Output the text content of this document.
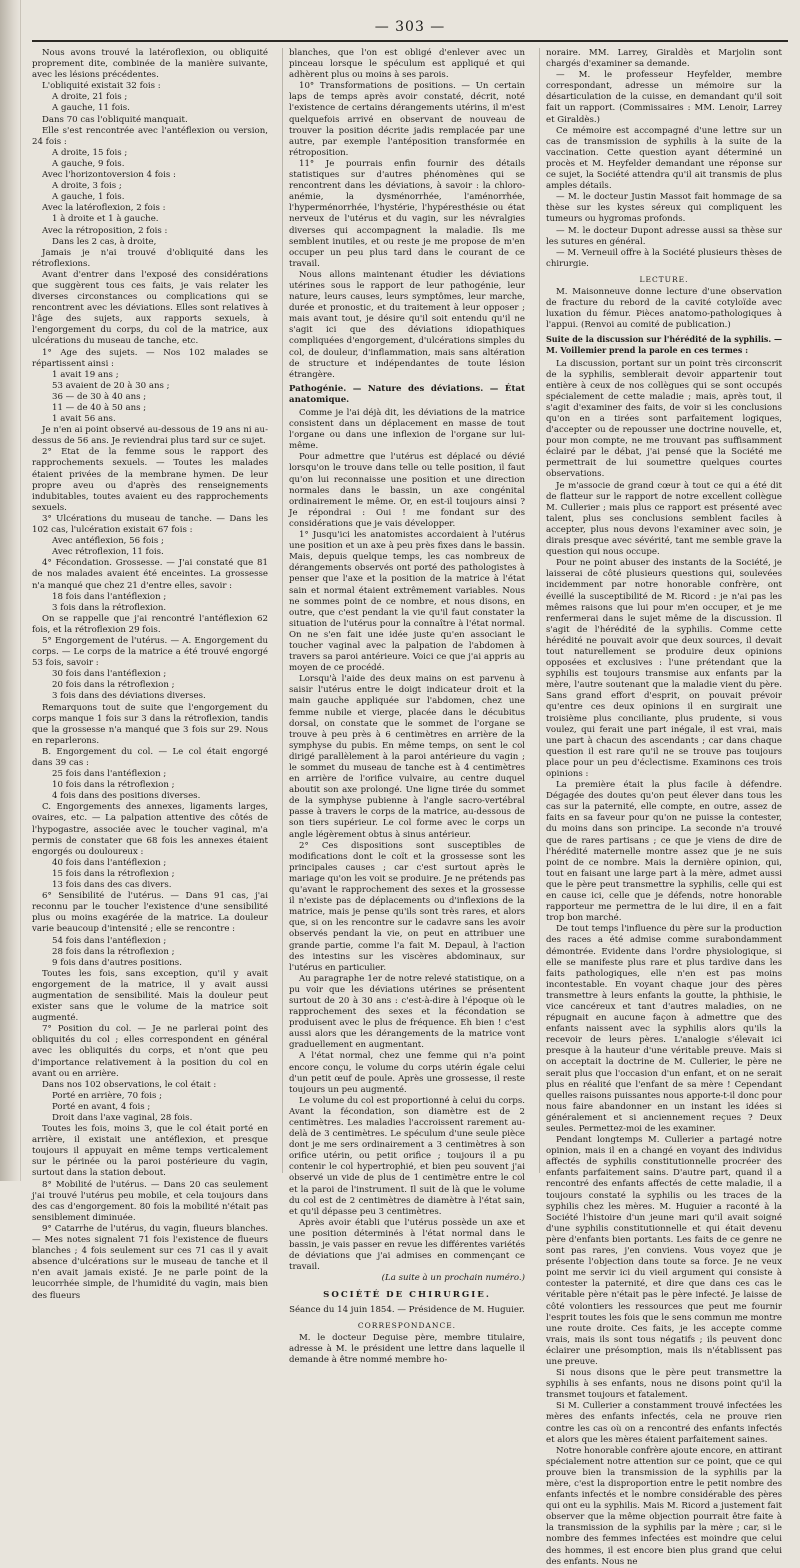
— 303 —

Nous avons trouvé la latéroflexion, ou obliquité proprement dite, combinée de la manière suivante, avec les lésions précédentes.

L'obliquité existait 32 fois :

A droite, 21 fois ;

A gauche, 11 fois.

Dans 70 cas l'obliquité manquait.

Elle s'est rencontrée avec l'antéflexion ou version, 24 fois :

A droite, 15 fois ;

A gauche, 9 fois.

Avec l'horizontoversion 4 fois :

A droite, 3 fois ;

A gauche, 1 fois.

Avec la latéroflexion, 2 fois :

1 à droite et 1 à gauche.

Avec la rétroposition, 2 fois :

Dans les 2 cas, à droite,

Jamais je n'ai trouvé d'obliquité dans les rétroflexions.

Avant d'entrer dans l'exposé des considérations que suggèrent tous ces faits, je vais relater les diverses circonstances ou complications qui se rencontrent avec les déviations. Elles sont relatives à l'âge des sujets, aux rapports sexuels, à l'engorgement du corps, du col de la matrice, aux ulcérations du museau de tanche, etc.

1° Age des sujets. — Nos 102 malades se répartissent ainsi :

1 avait 19 ans ;

53 avaient de 20 à 30 ans ;

36 — de 30 à 40 ans ;

11 — de 40 à 50 ans ;

1 avait 56 ans.

Je n'en ai point observé au-dessous de 19 ans ni au-dessus de 56 ans. Je reviendrai plus tard sur ce sujet.

2° Etat de la femme sous le rapport des rapprochements sexuels. — Toutes les malades étaient privées de la membrane hymen. De leur propre aveu ou d'après des renseignements indubitables, toutes avaient eu des rapprochements sexuels.

3° Ulcérations du museau de tanche. — Dans les 102 cas, l'ulcération existait 67 fois :

Avec antéflexion, 56 fois ;

Avec rétroflexion, 11 fois.

4° Fécondation. Grossesse. — J'ai constaté que 81 de nos malades avaient été enceintes. La grossesse n'a manqué que chez 21 d'entre elles, savoir :

18 fois dans l'antéflexion ;

3 fois dans la rétroflexion.

On se rappelle que j'ai rencontré l'antéflexion 62 fois, et la rétroflexion 29 fois.

5° Engorgement de l'utérus. — A. Engorgement du corps. — Le corps de la matrice a été trouvé engorgé 53 fois, savoir :

30 fois dans l'antéflexion ;

20 fois dans la rétroflexion ;

3 fois dans des déviations diverses.

Remarquons tout de suite que l'engorgement du corps manque 1 fois sur 3 dans la rétroflexion, tandis que la grossesse n'a manqué que 3 fois sur 29. Nous en reparlerons.

B. Engorgement du col. — Le col était engorgé dans 39 cas :

25 fois dans l'antéflexion ;

10 fois dans la rétroflexion ;

4 fois dans des positions diverses.

C. Engorgements des annexes, ligaments larges, ovaires, etc. — La palpation attentive des côtés de l'hypogastre, associée avec le toucher vaginal, m'a permis de constater que 68 fois les annexes étaient engorgés ou douloureux :

40 fois dans l'antéflexion ;

15 fois dans la rétroflexion ;

13 fois dans des cas divers.

6° Sensibilité de l'utérus. — Dans 91 cas, j'ai reconnu par le toucher l'existence d'une sensibilité plus ou moins exagérée de la matrice. La douleur varie beaucoup d'intensité ; elle se rencontre :

54 fois dans l'antéflexion ;

28 fois dans la rétroflexion ;

9 fois dans d'autres positions.

Toutes les fois, sans exception, qu'il y avait engorgement de la matrice, il y avait aussi augmentation de sensibilité. Mais la douleur peut exister sans que le volume de la matrice soit augmenté.

7° Position du col. — Je ne parlerai point des obliquités du col ; elles correspondent en général avec les obliquités du corps, et n'ont que peu d'importance relativement à la position du col en avant ou en arrière.

Dans nos 102 observations, le col était :

Porté en arrière, 70 fois ;

Porté en avant, 4 fois ;

Droit dans l'axe vaginal, 28 fois.

Toutes les fois, moins 3, que le col était porté en arrière, il existait une antéflexion, et presque toujours il appuyait en même temps verticalement sur le périnée ou la paroi postérieure du vagin, surtout dans la station debout.

8° Mobilité de l'utérus. — Dans 20 cas seulement j'ai trouvé l'utérus peu mobile, et cela toujours dans des cas d'engorgement. 80 fois la mobilité n'était pas sensiblement diminuée.

9° Catarrhe de l'utérus, du vagin, flueurs blanches. — Mes notes signalent 71 fois l'existence de flueurs blanches ; 4 fois seulement sur ces 71 cas il y avait absence d'ulcérations sur le museau de tanche et il n'en avait jamais existé. Je ne parle point de la leucorrhée simple, de l'humidité du vagin, mais bien des flueurs

blanches, que l'on est obligé d'enlever avec un pinceau lorsque le spéculum est appliqué et qui adhèrent plus ou moins à ses parois.

10° Transformations de positions. — Un certain laps de temps après avoir constaté, décrit, noté l'existence de certains dérangements utérins, il m'est quelquefois arrivé en observant de nouveau de trouver la position décrite jadis remplacée par une autre, par exemple l'antéposition transformée en rétroposition.

11° Je pourrais enfin fournir des détails statistiques sur d'autres phénomènes qui se rencontrent dans les déviations, à savoir : la chloro-anémie, la dysménorrhée, l'aménorrhée, l'hyperménorrhée, l'hystérie, l'hypéresthésie ou état nerveux de l'utérus et du vagin, sur les névralgies diverses qui accompagnent la maladie. Ils me semblent inutiles, et ou reste je me propose de m'en occuper un peu plus tard dans le courant de ce travail.

Nous allons maintenant étudier les déviations utérines sous le rapport de leur pathogénie, leur nature, leurs causes, leurs symptômes, leur marche, durée et pronostic, et du traitement à leur opposer ; mais avant tout, je désire qu'il soit entendu qu'il ne s'agit ici que des déviations idiopathiques compliquées d'engorgement, d'ulcérations simples du col, de douleur, d'inflammation, mais sans altération de structure et indépendantes de toute lésion étrangère.

Pathogénie. — Nature des déviations. — État anatomique.

Comme je l'ai déjà dit, les déviations de la matrice consistent dans un déplacement en masse de tout l'organe ou dans une inflexion de l'organe sur lui-même.

Pour admettre que l'utérus est déplacé ou dévié lorsqu'on le trouve dans telle ou telle position, il faut qu'on lui reconnaisse une position et une direction normales dans le bassin, un axe congénital ordinairement le même. Or, en est-il toujours ainsi ? Je répondrai : Oui ! me fondant sur des considérations que je vais développer.

1° Jusqu'ici les anatomistes accordaient à l'utérus une position et un axe à peu près fixes dans le bassin. Mais, depuis quelque temps, les cas nombreux de dérangements observés ont porté des pathologistes à penser que l'axe et la position de la matrice à l'état sain et normal étaient extrêmement variables. Nous ne sommes point de ce nombre, et nous disons, en outre, que c'est pendant la vie qu'il faut constater la situation de l'utérus pour la connaître à l'état normal. On ne s'en fait une idée juste qu'en associant le toucher vaginal avec la palpation de l'abdomen à travers sa paroi antérieure. Voici ce que j'ai appris au moyen de ce procédé.

Lorsqu'à l'aide des deux mains on est parvenu à saisir l'utérus entre le doigt indicateur droit et la main gauche appliquée sur l'abdomen, chez une femme nubile et vierge, placée dans le décubitus dorsal, on constate que le sommet de l'organe se trouve à peu près à 6 centimètres en arrière de la symphyse du pubis. En même temps, on sent le col dirigé parallèlement à la paroi antérieure du vagin ; le sommet du museau de tanche est à 4 centimètres en arrière de l'orifice vulvaire, au centre duquel aboutit son axe prolongé. Une ligne tirée du sommet de la symphyse pubienne à l'angle sacro-vertébral passe à travers le corps de la matrice, au-dessous de son tiers supérieur. Le col forme avec le corps un angle légèrement obtus à sinus antérieur.

2° Ces dispositions sont susceptibles de modifications dont le coït et la grossesse sont les principales causes ; car c'est surtout après le mariage qu'on les voit se produire. Je ne prétends pas qu'avant le rapprochement des sexes et la grossesse il n'existe pas de déplacements ou d'inflexions de la matrice, mais je pense qu'ils sont très rares, et alors que, si on les rencontre sur le cadavre sans les avoir observés pendant la vie, on peut en attribuer une grande partie, comme l'a fait M. Depaul, à l'action des intestins sur les viscères abdominaux, sur l'utérus en particulier.

Au paragraphe 1er de notre relevé statistique, on a pu voir que les déviations utérines se présentent surtout de 20 à 30 ans : c'est-à-dire à l'époque où le rapprochement des sexes et la fécondation se produisent avec le plus de fréquence. Eh bien ! c'est aussi alors que les dérangements de la matrice vont graduellement en augmentant.

A l'état normal, chez une femme qui n'a point encore conçu, le volume du corps utérin égale celui d'un petit œuf de poule. Après une grossesse, il reste toujours un peu augmenté.

Le volume du col est proportionné à celui du corps. Avant la fécondation, son diamètre est de 2 centimètres. Les maladies l'accroissent rarement au-delà de 3 centimètres. Le spéculum d'une seule pièce dont je me sers ordinairement a 3 centimètres à son orifice utérin, ou petit orifice ; toujours il a pu contenir le col hypertrophié, et bien peu souvent j'ai observé un vide de plus de 1 centimètre entre le col et la paroi de l'instrument. Il suit de là que le volume du col est de 2 centimètres de diamètre à l'état sain, et qu'il dépasse peu 3 centimètres.

Après avoir établi que l'utérus possède un axe et une position déterminés à l'état normal dans le bassin, je vais passer en revue les différentes variétés de déviations que j'ai admises en commençant ce travail.

(La suite à un prochain numéro.)

SOCIÉTÉ DE CHIRURGIE.

Séance du 14 juin 1854. — Présidence de M. Huguier.

CORRESPONDANCE.

M. le docteur Deguise père, membre titulaire, adresse à M. le président une lettre dans laquelle il demande à être nommé membre ho-

noraire. MM. Larrey, Giraldès et Marjolin sont chargés d'examiner sa demande.

— M. le professeur Heyfelder, membre correspondant, adresse un mémoire sur la désarticulation de la cuisse, en demandant qu'il soit fait un rapport. (Commissaires : MM. Lenoir, Larrey et Giraldès.)

Ce mémoire est accompagné d'une lettre sur un cas de transmission de syphilis à la suite de la vaccination. Cette question ayant déterminé un procès et M. Heyfelder demandant une réponse sur ce sujet, la Société attendra qu'il ait transmis de plus amples détails.

— M. le docteur Justin Massot fait hommage de sa thèse sur les kystes séreux qui compliquent les tumeurs ou hygromas profonds.

— M. le docteur Dupont adresse aussi sa thèse sur les sutures en général.

— M. Verneuil offre à la Société plusieurs thèses de chirurgie.

LECTURE.

M. Maisonneuve donne lecture d'une observation de fracture du rebord de la cavité cotyloïde avec luxation du fémur. Pièces anatomo-pathologiques à l'appui. (Renvoi au comité de publication.)

Suite de la discussion sur l'hérédité de la syphilis. — M. Voillemier prend la parole en ces termes :

La discussion, portant sur un point très circonscrit de la syphilis, semblerait devoir appartenir tout entière à ceux de nos collègues qui se sont occupés spécialement de cette maladie ; mais, après tout, il s'agit d'examiner des faits, de voir si les conclusions qu'on en a tirées sont parfaitement logiques, d'accepter ou de repousser une doctrine nouvelle, et, pour mon compte, ne me trouvant pas suffisamment éclairé par le débat, j'ai pensé que la Société me permettrait de lui soumettre quelques courtes observations.

Je m'associe de grand cœur à tout ce qui a été dit de flatteur sur le rapport de notre excellent collègue M. Cullerier ; mais plus ce rapport est présenté avec talent, plus ses conclusions semblent faciles à accepter, plus nous devons l'examiner avec soin, je dirais presque avec sévérité, tant me semble grave la question qui nous occupe.

Pour ne point abuser des instants de la Société, je laisserai de côté plusieurs questions qui, soulevées incidemment par notre honorable confrère, ont éveillé la susceptibilité de M. Ricord : je n'ai pas les mêmes raisons que lui pour m'en occuper, et je me renfermerai dans le sujet même de la discussion. Il s'agit de l'hérédité de la syphilis. Comme cette hérédité ne pouvait avoir que deux sources, il devait tout naturellement se produire deux opinions opposées et exclusives : l'une prétendant que la syphilis est toujours transmise aux enfants par la mère, l'autre soutenant que la maladie vient du père. Sans grand effort d'esprit, on pouvait prévoir qu'entre ces deux opinions il en surgirait une troisième plus conciliante, plus prudente, si vous voulez, qui ferait une part inégale, il est vrai, mais une part à chacun des ascendants ; car dans chaque question il est rare qu'il ne se trouve pas toujours place pour un peu d'éclectisme. Examinons ces trois opinions :

La première était la plus facile à défendre. Dégagée des doutes qu'on peut élever dans tous les cas sur la paternité, elle compte, en outre, assez de faits en sa faveur pour qu'on ne puisse la contester, du moins dans son principe. La seconde n'a trouvé que de rares partisans ; ce que je viens de dire de l'hérédité maternelle montre assez que je ne suis point de ce nombre. Mais la dernière opinion, qui, tout en faisant une large part à la mère, admet aussi que le père peut transmettre la syphilis, celle qui est en cause ici, celle que je défends, notre honorable rapporteur me permettra de le lui dire, il en a fait trop bon marché.

De tout temps l'influence du père sur la production des races a été admise comme surabondamment démontrée. Evidente dans l'ordre physiologique, si elle se manifeste plus rare et plus tardive dans les faits pathologiques, elle n'en est pas moins incontestable. En voyant chaque jour des pères transmettre à leurs enfants la goutte, la phthisie, le vice cancéreux et tant d'autres maladies, on ne répugnait en aucune façon à admettre que des enfants naissent avec la syphilis alors qu'ils la recevoir de leurs pères. L'analogie s'élevait ici presque à la hauteur d'une véritable preuve. Mais si on acceptait la doctrine de M. Cullerier, le père ne serait plus que l'occasion d'un enfant, et on ne serait plus en réalité que l'enfant de sa mère ! Cependant quelles raisons puissantes nous apporte-t-il donc pour nous faire abandonner en un instant les idées si généralement et si anciennement reçues ? Deux seules. Permettez-moi de les examiner.

Pendant longtemps M. Cullerier a partagé notre opinion, mais il en a changé en voyant des individus affectés de syphilis constitutionnelle procréer des enfants parfaitement sains. D'autre part, quand il a rencontré des enfants affectés de cette maladie, il a toujours constaté la syphilis ou les traces de la syphilis chez les mères. M. Huguier a raconté à la Société l'histoire d'un jeune mari qu'il avait soigné d'une syphilis constitutionnelle et qui était devenu père d'enfants bien portants. Les faits de ce genre ne sont pas rares, j'en conviens. Vous voyez que je présente l'objection dans toute sa force. Je ne veux point me servir ici du vieil argument qui consiste à contester la paternité, et dire que dans ces cas le véritable père n'était pas le père infecté. Je laisse de côté volontiers les ressources que peut me fournir l'esprit toutes les fois que le sens commun me montre une route droite. Ces faits, je les accepte comme vrais, mais ils sont tous négatifs ; ils peuvent donc éclairer une présomption, mais ils n'établissent pas une preuve.

Si nous disons que le père peut transmettre la syphilis à ses enfants, nous ne disons point qu'il la transmet toujours et fatalement.

Si M. Cullerier a constamment trouvé infectées les mères des enfants infectés, cela ne prouve rien contre les cas où on a rencontré des enfants infectés et alors que les mères étaient parfaitement saines.

Notre honorable confrère ajoute encore, en attirant spécialement notre attention sur ce point, que ce qui prouve bien la transmission de la syphilis par la mère, c'est la disproportion entre le petit nombre des enfants infectés et le nombre considérable des pères qui ont eu la syphilis. Mais M. Ricord a justement fait observer que la même objection pourrait être faite à la transmission de la syphilis par la mère ; car, si le nombre des femmes infectées est moindre que celui des hommes, il est encore bien plus grand que celui des enfants. Nous ne
